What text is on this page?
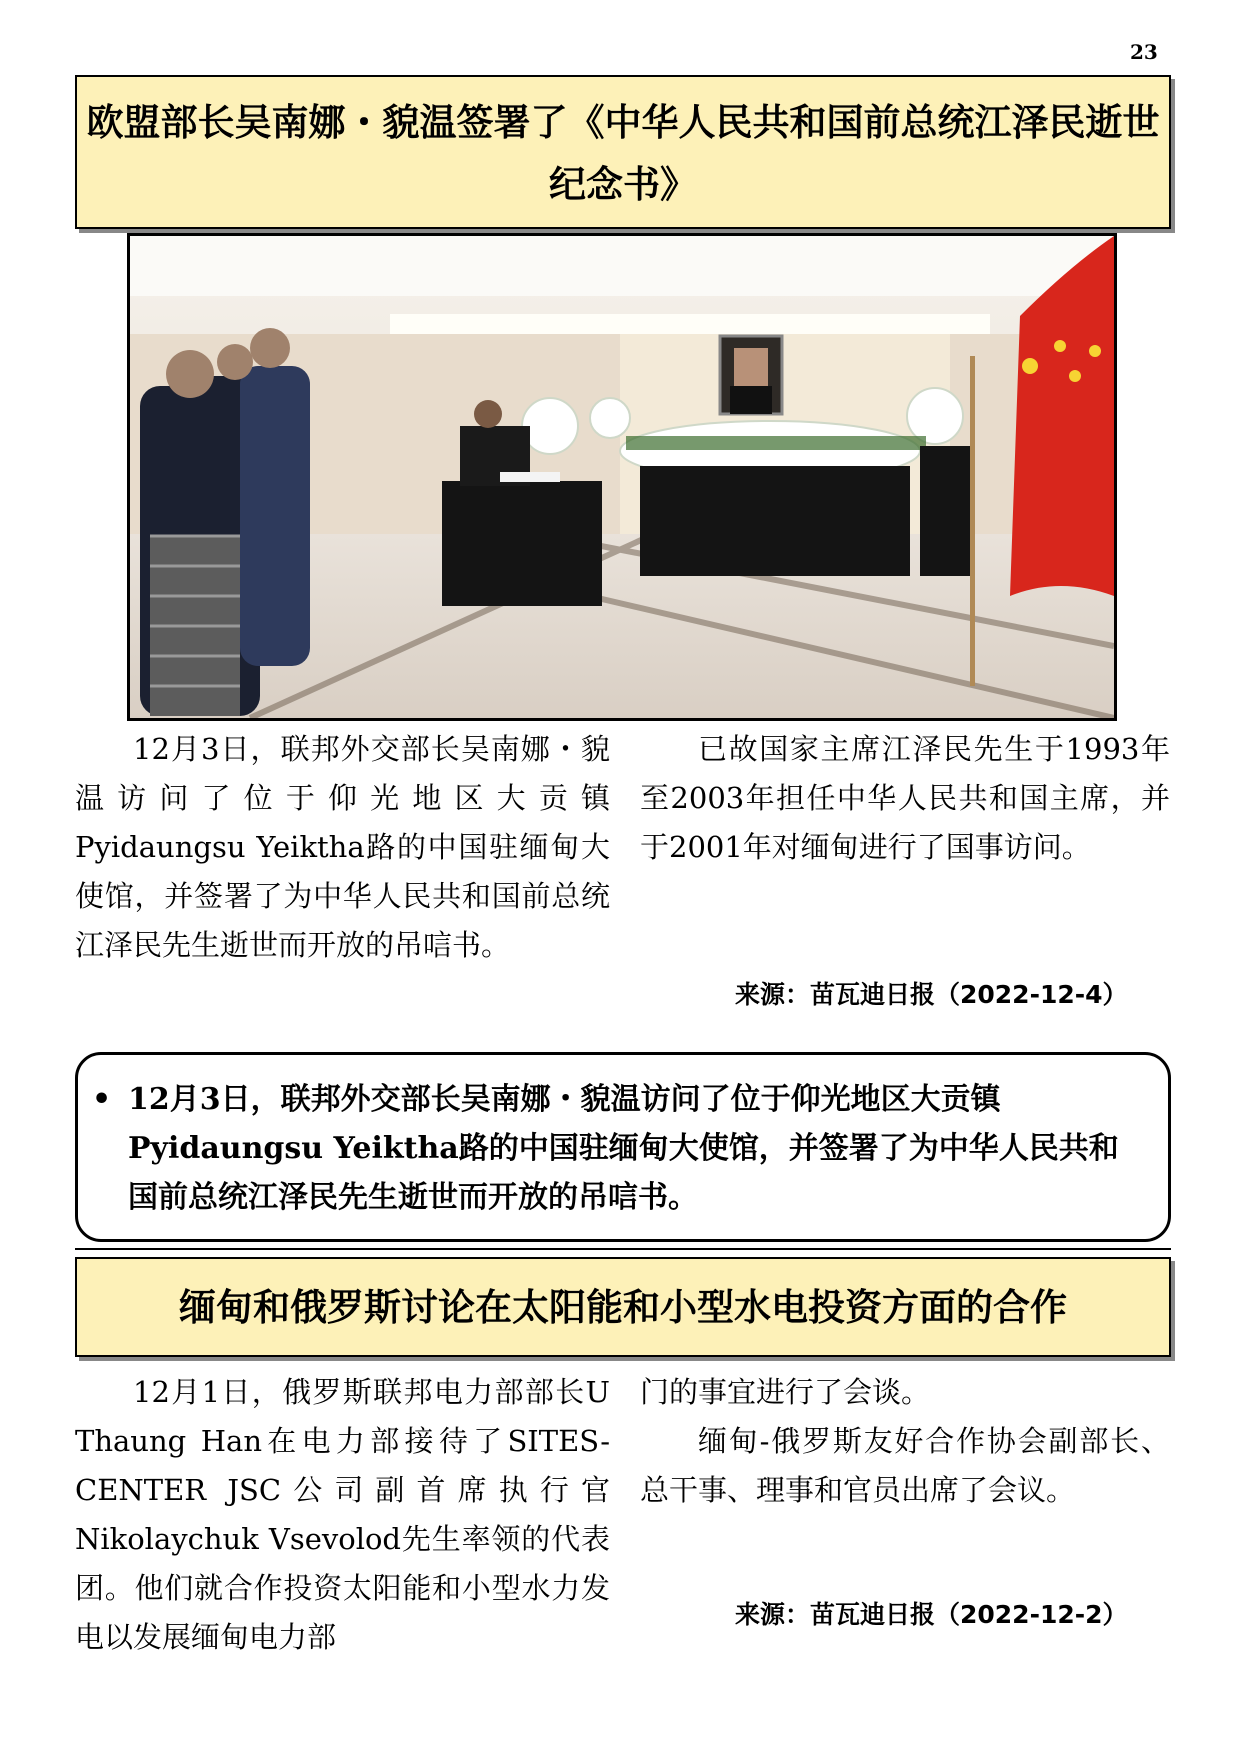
23
欧盟部长吴南娜・貌温签署了《中华人民共和国前总统江泽民逝世纪念书》

12月3日，联邦外交部长吴南娜・貌温访问了位于仰光地区大贡镇Pyidaungsu Yeiktha路的中国驻缅甸大使馆，并签署了为中华人民共和国前总统江泽民先生逝世而开放的吊唁书。

已故国家主席江泽民先生于1993年至2003年担任中华人民共和国主席，并于2001年对缅甸进行了国事访问。

来源：苗瓦迪日报（2022-12-4）
• 12月3日，联邦外交部长吴南娜・貌温访问了位于仰光地区大贡镇Pyidaungsu Yeiktha路的中国驻缅甸大使馆，并签署了为中华人民共和国前总统江泽民先生逝世而开放的吊唁书。
缅甸和俄罗斯讨论在太阳能和小型水电投资方面的合作

12月1日，俄罗斯联邦电力部部长U Thaung Han在电力部接待了SITES-CENTER JSC公司副首席执行官Nikolaychuk Vsevolod先生率领的代表团。他们就合作投资太阳能和小型水力发电以发展缅甸电力部

门的事宜进行了会谈。

缅甸-俄罗斯友好合作协会副部长、总干事、理事和官员出席了会议。

来源：苗瓦迪日报（2022-12-2）
